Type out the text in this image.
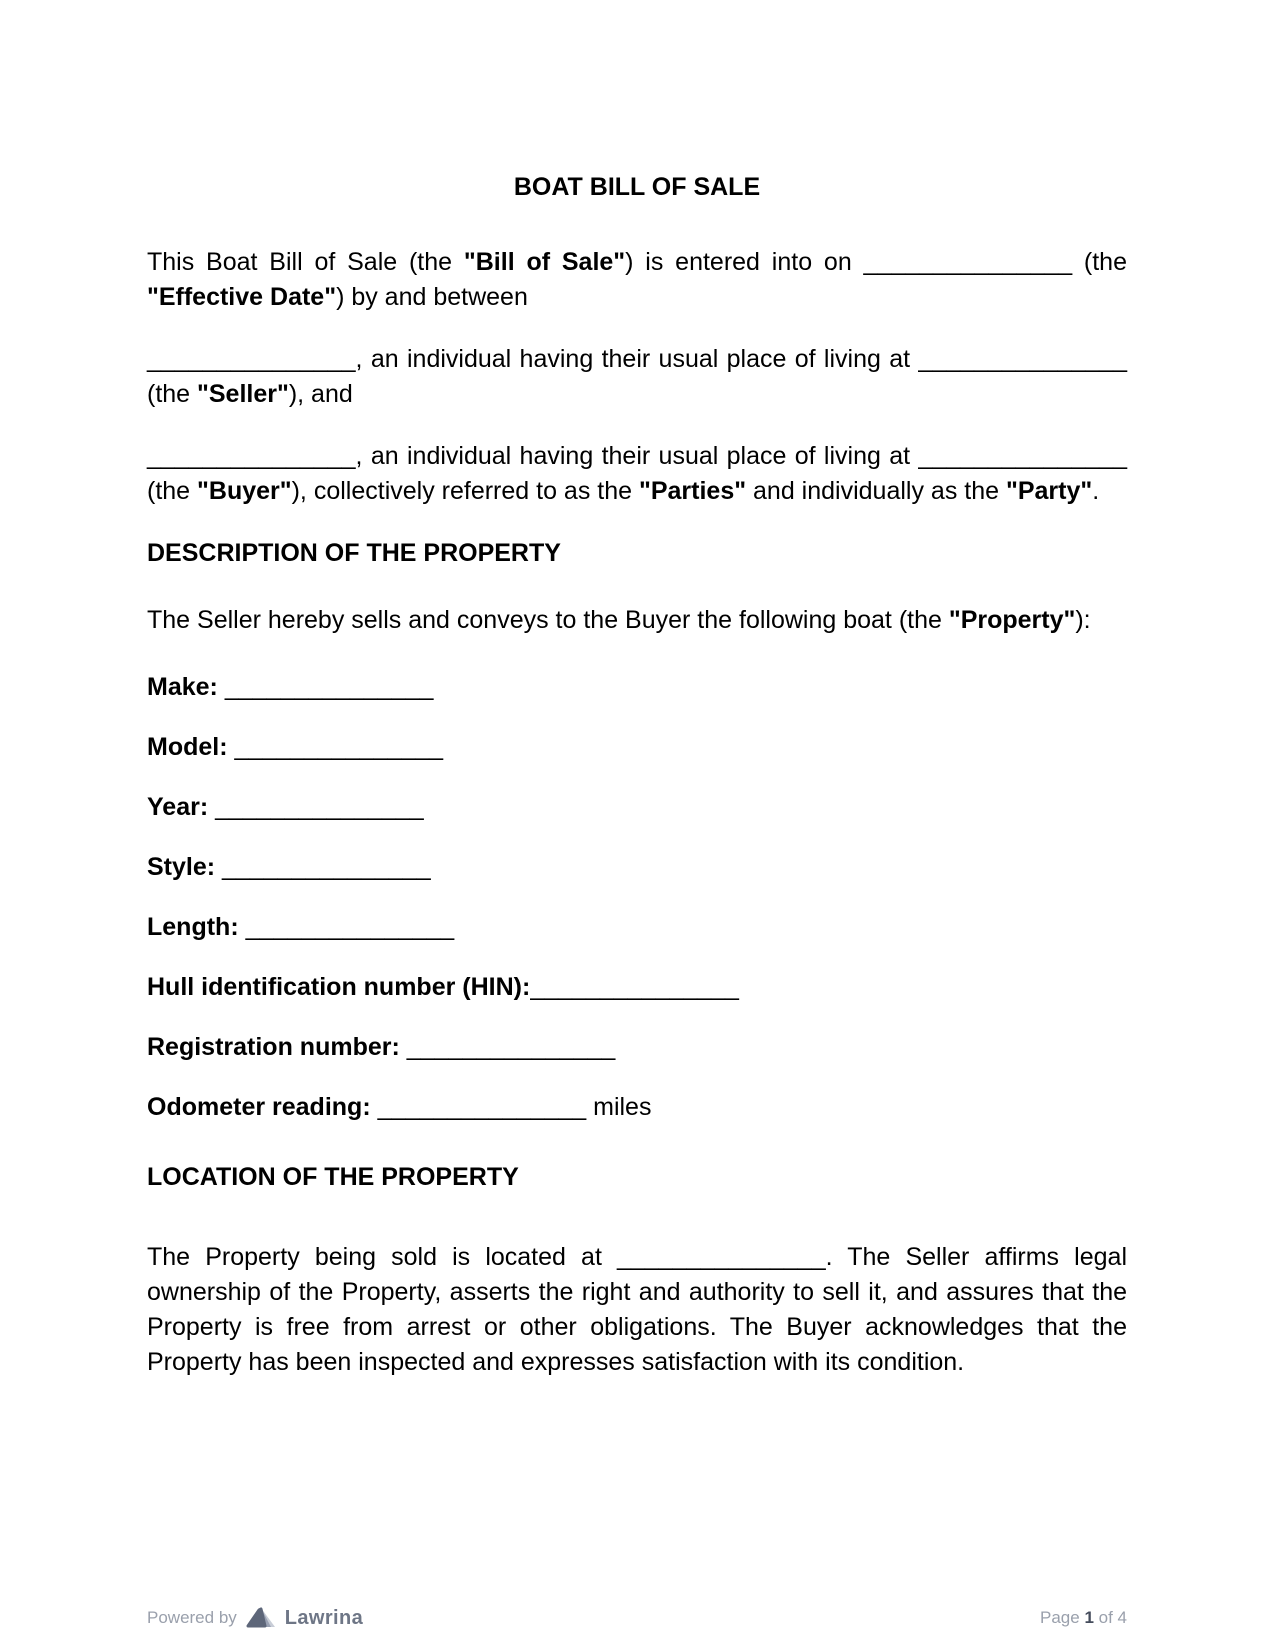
BOAT BILL OF SALE

This Boat Bill of Sale (the "Bill of Sale") is entered into on _______________ (the "Effective Date") by and between

_______________, an individual having their usual place of living at _______________ (the "Seller"), and

_______________, an individual having their usual place of living at _______________ (the "Buyer"), collectively referred to as the "Parties" and individually as the "Party".

DESCRIPTION OF THE PROPERTY

The Seller hereby sells and conveys to the Buyer the following boat (the "Property"):

Make: _______________

Model: _______________

Year: _______________

Style: _______________

Length: _______________

Hull identification number (HIN):_______________

Registration number: _______________

Odometer reading: _______________ miles

LOCATION OF THE PROPERTY

The Property being sold is located at _______________. The Seller affirms legal ownership of the Property, asserts the right and authority to sell it, and assures that the Property is free from arrest or other obligations. The Buyer acknowledges that the Property has been inspected and expresses satisfaction with its condition.

Powered by Lawrina	Page 1 of 4
